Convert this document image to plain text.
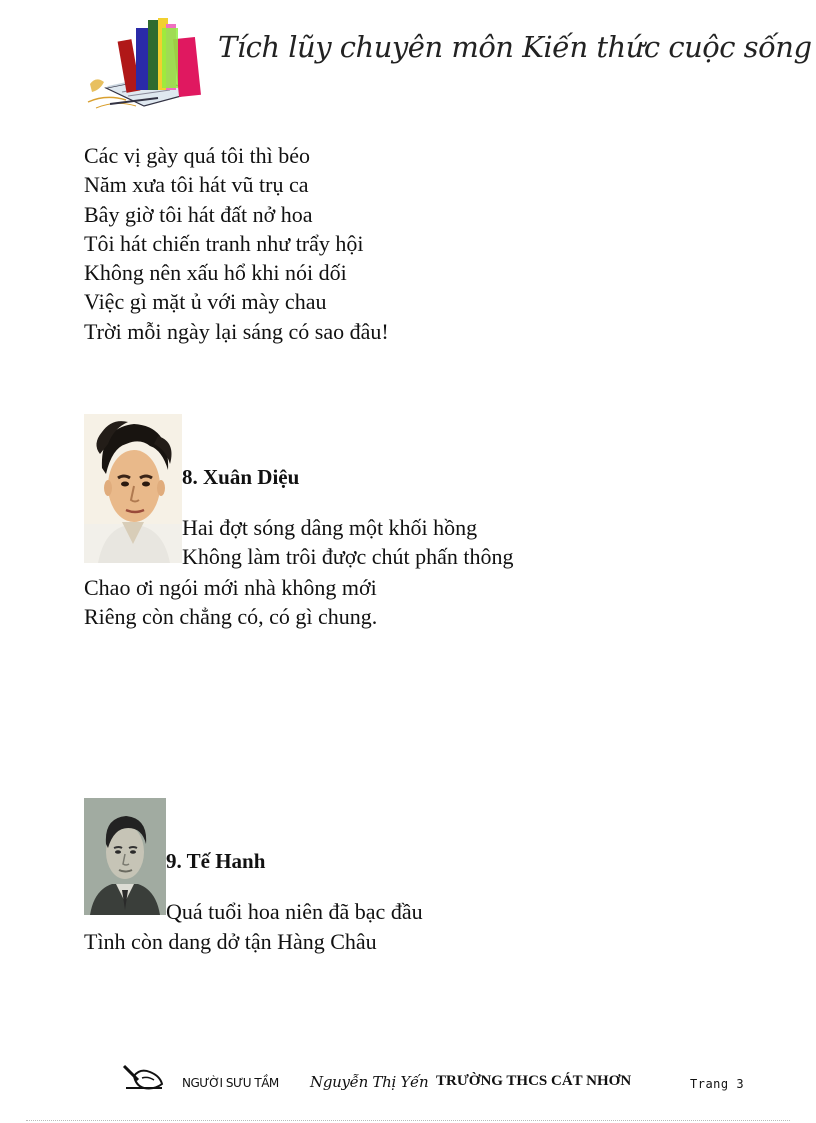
Tích lũy chuyên môn Kiến thức cuộc sống
Các vị gày quá tôi thì béo
Năm xưa tôi hát vũ trụ ca
Bây giờ tôi hát đất nở hoa
Tôi hát chiến tranh như trẩy hội
Không nên xấu hổ khi nói dối
Việc gì mặt ủ với mày chau
Trời mỗi ngày lại sáng có sao đâu!
8. Xuân Diệu
Hai đợt sóng dâng một khối hồng
Không làm trôi được chút phấn thông
Chao ơi ngói mới nhà không mới
Riêng còn chẳng có, có gì chung.
9. Tế Hanh
Quá tuổi hoa niên đã bạc đầu
Tình còn dang dở tận Hàng Châu
NGƯỜI SƯU TẦM Nguyễn Thị Yến TRƯỜNG THCS CÁT NHƠN	Trang 3
